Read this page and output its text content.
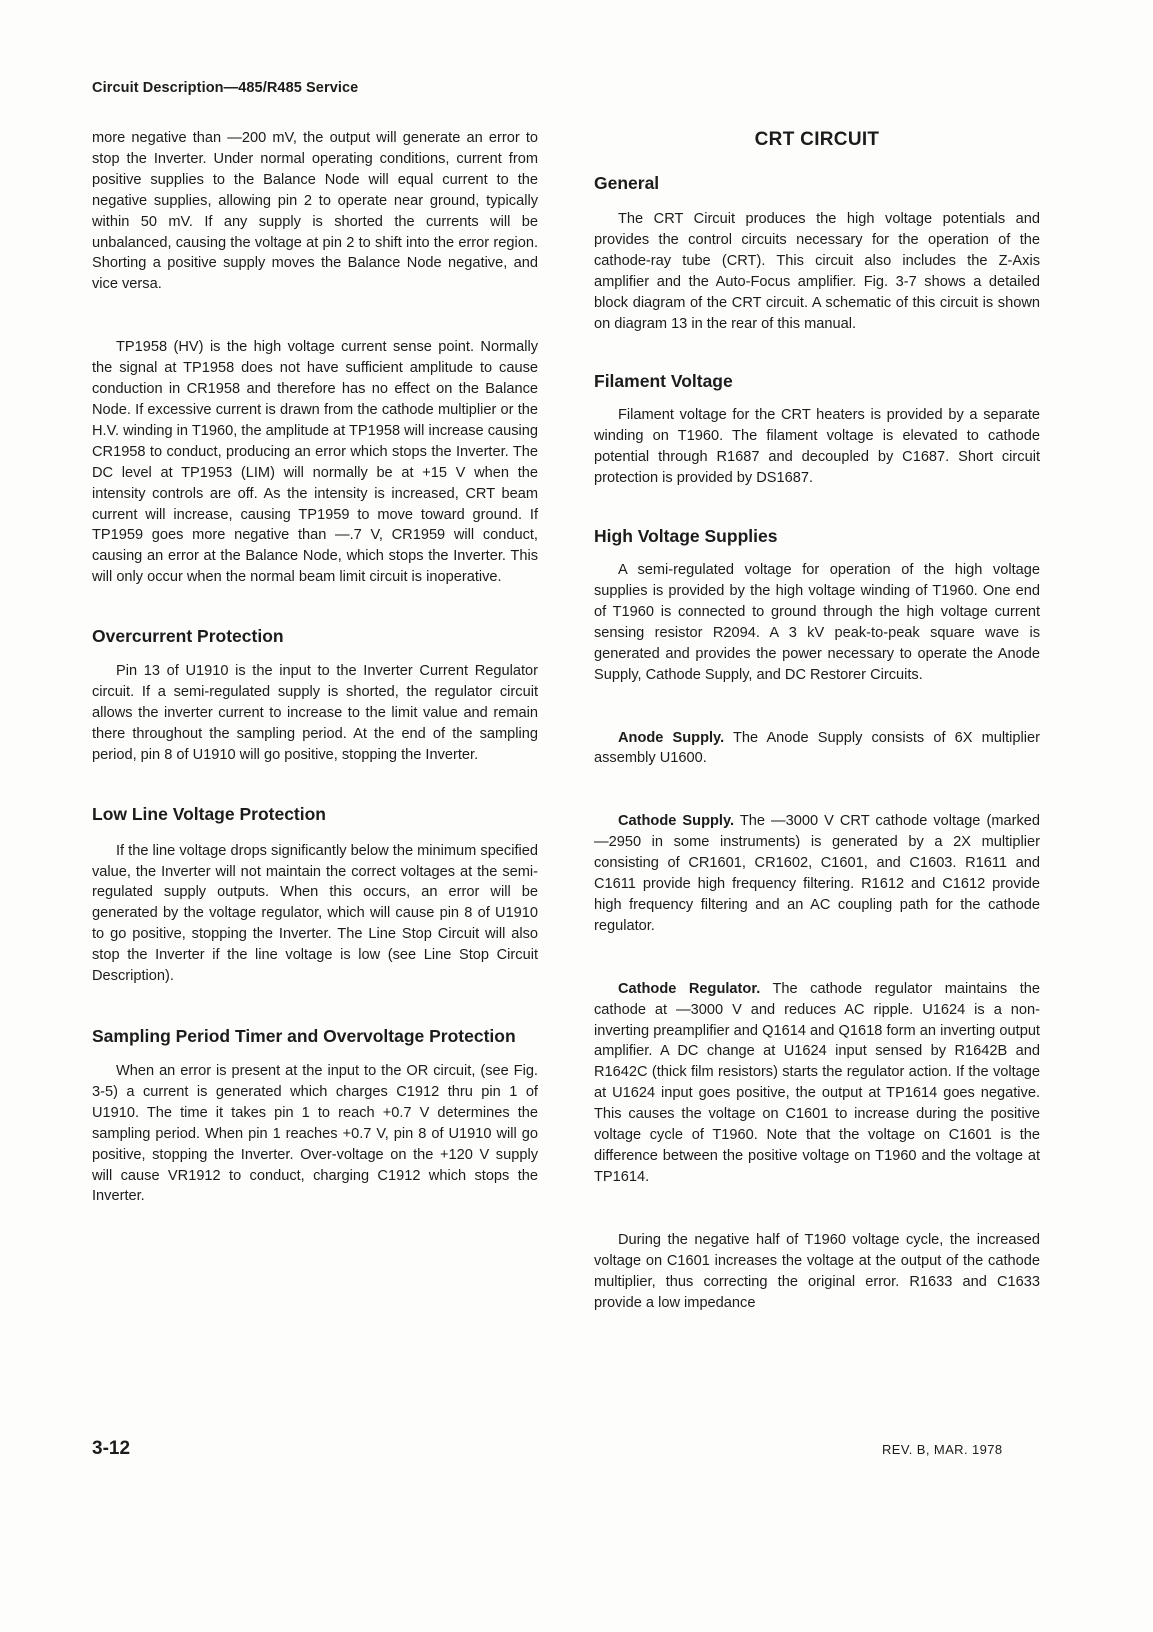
Circuit Description—485/R485 Service

more negative than —200 mV, the output will generate an error to stop the Inverter. Under normal operating conditions, current from positive supplies to the Balance Node will equal current to the negative supplies, allowing pin 2 to operate near ground, typically within 50 mV. If any supply is shorted the currents will be unbalanced, causing the voltage at pin 2 to shift into the error region. Shorting a positive supply moves the Balance Node negative, and vice versa.

TP1958 (HV) is the high voltage current sense point. Normally the signal at TP1958 does not have sufficient amplitude to cause conduction in CR1958 and therefore has no effect on the Balance Node. If excessive current is drawn from the cathode multiplier or the H.V. winding in T1960, the amplitude at TP1958 will increase causing CR1958 to conduct, producing an error which stops the Inverter. The DC level at TP1953 (LIM) will normally be at +15 V when the intensity controls are off. As the intensity is increased, CRT beam current will increase, causing TP1959 to move toward ground. If TP1959 goes more negative than —.7 V, CR1959 will conduct, causing an error at the Balance Node, which stops the Inverter. This will only occur when the normal beam limit circuit is inoperative.

Overcurrent Protection

Pin 13 of U1910 is the input to the Inverter Current Regulator circuit. If a semi-regulated supply is shorted, the regulator circuit allows the inverter current to increase to the limit value and remain there throughout the sampling period. At the end of the sampling period, pin 8 of U1910 will go positive, stopping the Inverter.

Low Line Voltage Protection

If the line voltage drops significantly below the minimum specified value, the Inverter will not maintain the correct voltages at the semi-regulated supply outputs. When this occurs, an error will be generated by the voltage regulator, which will cause pin 8 of U1910 to go positive, stopping the Inverter. The Line Stop Circuit will also stop the Inverter if the line voltage is low (see Line Stop Circuit Description).

Sampling Period Timer and Overvoltage Protection

When an error is present at the input to the OR circuit, (see Fig. 3-5) a current is generated which charges C1912 thru pin 1 of U1910. The time it takes pin 1 to reach +0.7 V determines the sampling period. When pin 1 reaches +0.7 V, pin 8 of U1910 will go positive, stopping the Inverter. Over-voltage on the +120 V supply will cause VR1912 to conduct, charging C1912 which stops the Inverter.

CRT CIRCUIT
General

The CRT Circuit produces the high voltage potentials and provides the control circuits necessary for the operation of the cathode-ray tube (CRT). This circuit also includes the Z-Axis amplifier and the Auto-Focus amplifier. Fig. 3-7 shows a detailed block diagram of the CRT circuit. A schematic of this circuit is shown on diagram 13 in the rear of this manual.

Filament Voltage

Filament voltage for the CRT heaters is provided by a separate winding on T1960. The filament voltage is elevated to cathode potential through R1687 and decoupled by C1687. Short circuit protection is provided by DS1687.

High Voltage Supplies

A semi-regulated voltage for operation of the high voltage supplies is provided by the high voltage winding of T1960. One end of T1960 is connected to ground through the high voltage current sensing resistor R2094. A 3 kV peak-to-peak square wave is generated and provides the power necessary to operate the Anode Supply, Cathode Supply, and DC Restorer Circuits.

Anode Supply. The Anode Supply consists of 6X multiplier assembly U1600.

Cathode Supply. The —3000 V CRT cathode voltage (marked —2950 in some instruments) is generated by a 2X multiplier consisting of CR1601, CR1602, C1601, and C1603. R1611 and C1611 provide high frequency filtering. R1612 and C1612 provide high frequency filtering and an AC coupling path for the cathode regulator.

Cathode Regulator. The cathode regulator maintains the cathode at —3000 V and reduces AC ripple. U1624 is a non-inverting preamplifier and Q1614 and Q1618 form an inverting output amplifier. A DC change at U1624 input sensed by R1642B and R1642C (thick film resistors) starts the regulator action. If the voltage at U1624 input goes positive, the output at TP1614 goes negative. This causes the voltage on C1601 to increase during the positive voltage cycle of T1960. Note that the voltage on C1601 is the difference between the positive voltage on T1960 and the voltage at TP1614.

During the negative half of T1960 voltage cycle, the increased voltage on C1601 increases the voltage at the output of the cathode multiplier, thus correcting the original error. R1633 and C1633 provide a low impedance

3-12	REV. B, MAR. 1978
